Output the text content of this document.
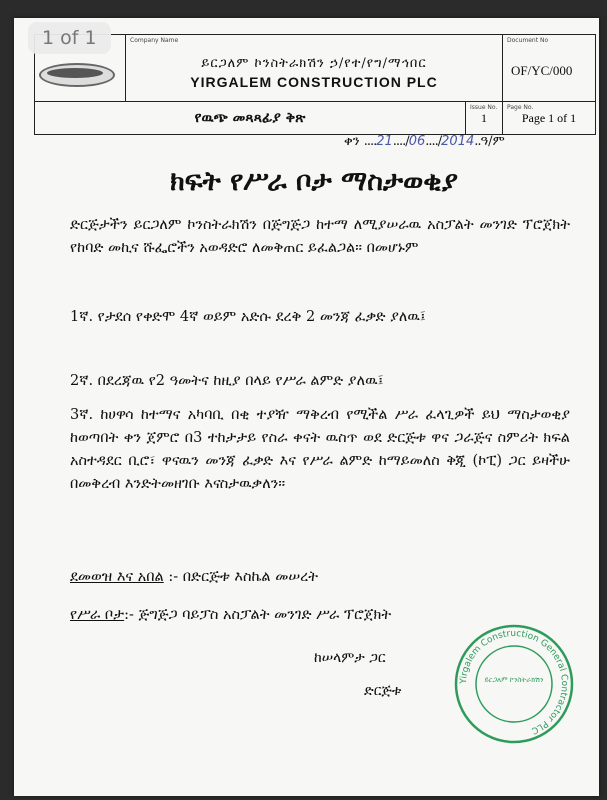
1 of 1	Company Name
ይርጋለም ኮንስትራክሽን ኃ/የተ/የግ/ማኅበር
YIRGALEM CONSTRUCTION PLC
Document No
OF/YC/000
የዉጭ መጻጻፊያ ቅጽ
Issue No.
1
Page No.
Page 1 of 1
ቀን ....21..../06..../2014..ዓ/ም
ክፍት የሥራ ቦታ ማስታወቂያ
ድርጅታችን ይርጋለም ኮንስትራክሽን በጅግጅጋ ከተማ ለሚያሠራዉ አስፓልት መንገድ ፕሮጀክት የከባድ መኪና ሹፌሮችን አወዳድሮ ለመቅጠር ይፈልጋል። በመሆኑም
1ኛ. የታደሰ የቀድሞ 4ኛ ወይም አድሱ ደረቅ 2 መንጃ ፈቃድ ያለዉ፤
2ኛ. በደረጃዉ የ2 ዓመትና ከዚያ በላይ የሥራ ልምድ ያለዉ፤
3ኛ. ከሀዋሳ ከተማና አካባቢ በቂ ተያዥ ማቅረብ የሚችል ሥራ ፈላጊዎች ይህ ማስታወቂያ ከወጣበት ቀን ጀምሮ በ3 ተከታታይ የስራ ቀናት ዉስጥ ወደ ድርጅቱ ዋና ጋራጅና ስምሪት ክፍል አስተዳደር ቢሮ፣ ዋናዉን መንጃ ፈቃድ እና የሥራ ልምድ ከማይመለስ ቅጂ (ኮፒ) ጋር ይዛችሁ በመቅረብ እንድትመዘገቡ እናስታዉቃለን።
ደመወዝ እና አበል :- በድርጅቱ እስኬል መሠረት
የሥራ ቦታ:- ጅግጅጋ ባይፓስ አስፓልት መንገድ ሥራ ፕሮጀክት
ከሠላምታ ጋር
ድርጅቱ
Yirgalem Construction General Contractor PLC
ይርጋለም ኮንስትራክሽን
